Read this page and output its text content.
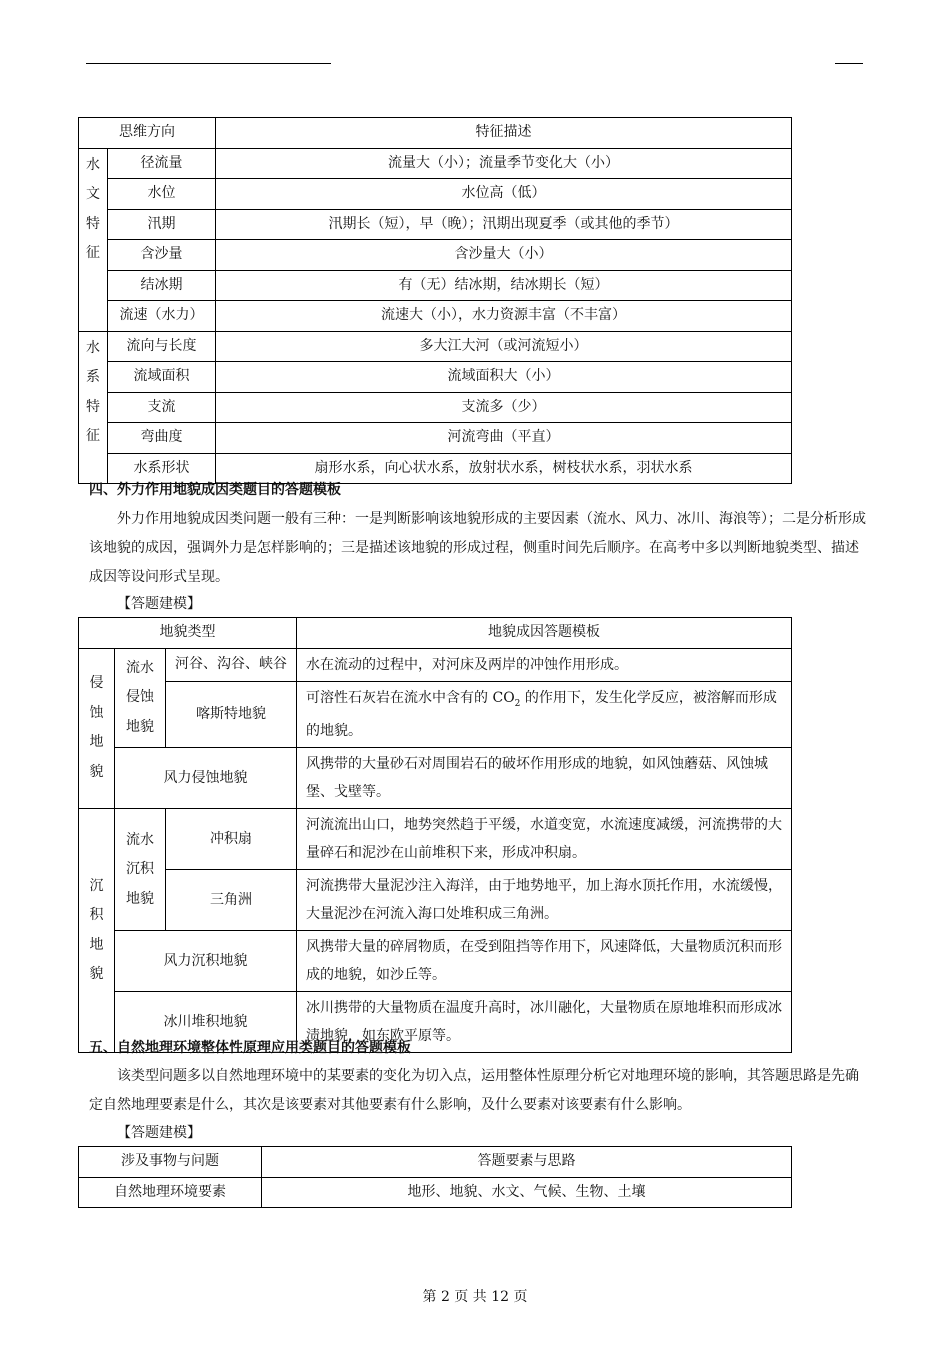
思维方向		特征描述

水
文
特
征	径流量	流量大（小）；流量季节变化大（小）
	水位	水位高（低）
	汛期	汛期长（短），早（晚）；汛期出现夏季（或其他的季节）
	含沙量	含沙量大（小）
	结冰期	有（无）结冰期，结冰期长（短）
	流速（水力）	流速大（小），水力资源丰富（不丰富）

水
系
特
征	流向与长度	多大江大河（或河流短小）
	流域面积	流域面积大（小）
	支流	支流多（少）
	弯曲度	河流弯曲（平直）
	水系形状	扇形水系，向心状水系，放射状水系，树枝状水系，羽状水系
四、外力作用地貌成因类题目的答题模板
外力作用地貌成因类问题一般有三种：一是判断影响该地貌形成的主要因素（流水、风力、冰川、海浪等）；二是分析形成该地貌的成因，强调外力是怎样影响的；三是描述该地貌的形成过程，侧重时间先后顺序。在高考中多以判断地貌类型、描述成因等设问形式呈现。
【答题建模】
地貌类型			地貌成因答题模板

侵
蚀
地
貌	流水
侵蚀
地貌	河谷、沟谷、峡谷	水在流动的过程中，对河床及两岸的冲蚀作用形成。
		喀斯特地貌	可溶性石灰岩在流水中含有的 $CO_2$ 的作用下，发生化学反应，被溶解而形成的地貌。
	风力侵蚀地貌		风携带的大量砂石对周围岩石的破坏作用形成的地貌，如风蚀蘑菇、风蚀城堡、戈壁等。

沉
积
地
貌	流水
沉积
地貌	冲积扇	河流流出山口，地势突然趋于平缓，水道变宽，水流速度减缓，河流携带的大量碎石和泥沙在山前堆积下来，形成冲积扇。
		三角洲	河流携带大量泥沙注入海洋，由于地势地平，加上海水顶托作用，水流缓慢，大量泥沙在河流入海口处堆积成三角洲。
	风力沉积地貌		风携带大量的碎屑物质，在受到阻挡等作用下，风速降低，大量物质沉积而形成的地貌，如沙丘等。
	冰川堆积地貌		冰川携带的大量物质在温度升高时，冰川融化，大量物质在原地堆积而形成冰渍地貌，如东欧平原等。
五、自然地理环境整体性原理应用类题目的答题模板
该类型问题多以自然地理环境中的某要素的变化为切入点，运用整体性原理分析它对地理环境的影响，其答题思路是先确定自然地理要素是什么，其次是该要素对其他要素有什么影响，及什么要素对该要素有什么影响。
【答题建模】
涉及事物与问题	答题要素与思路
自然地理环境要素	地形、地貌、水文、气候、生物、土壤
第 2 页 共 12 页
